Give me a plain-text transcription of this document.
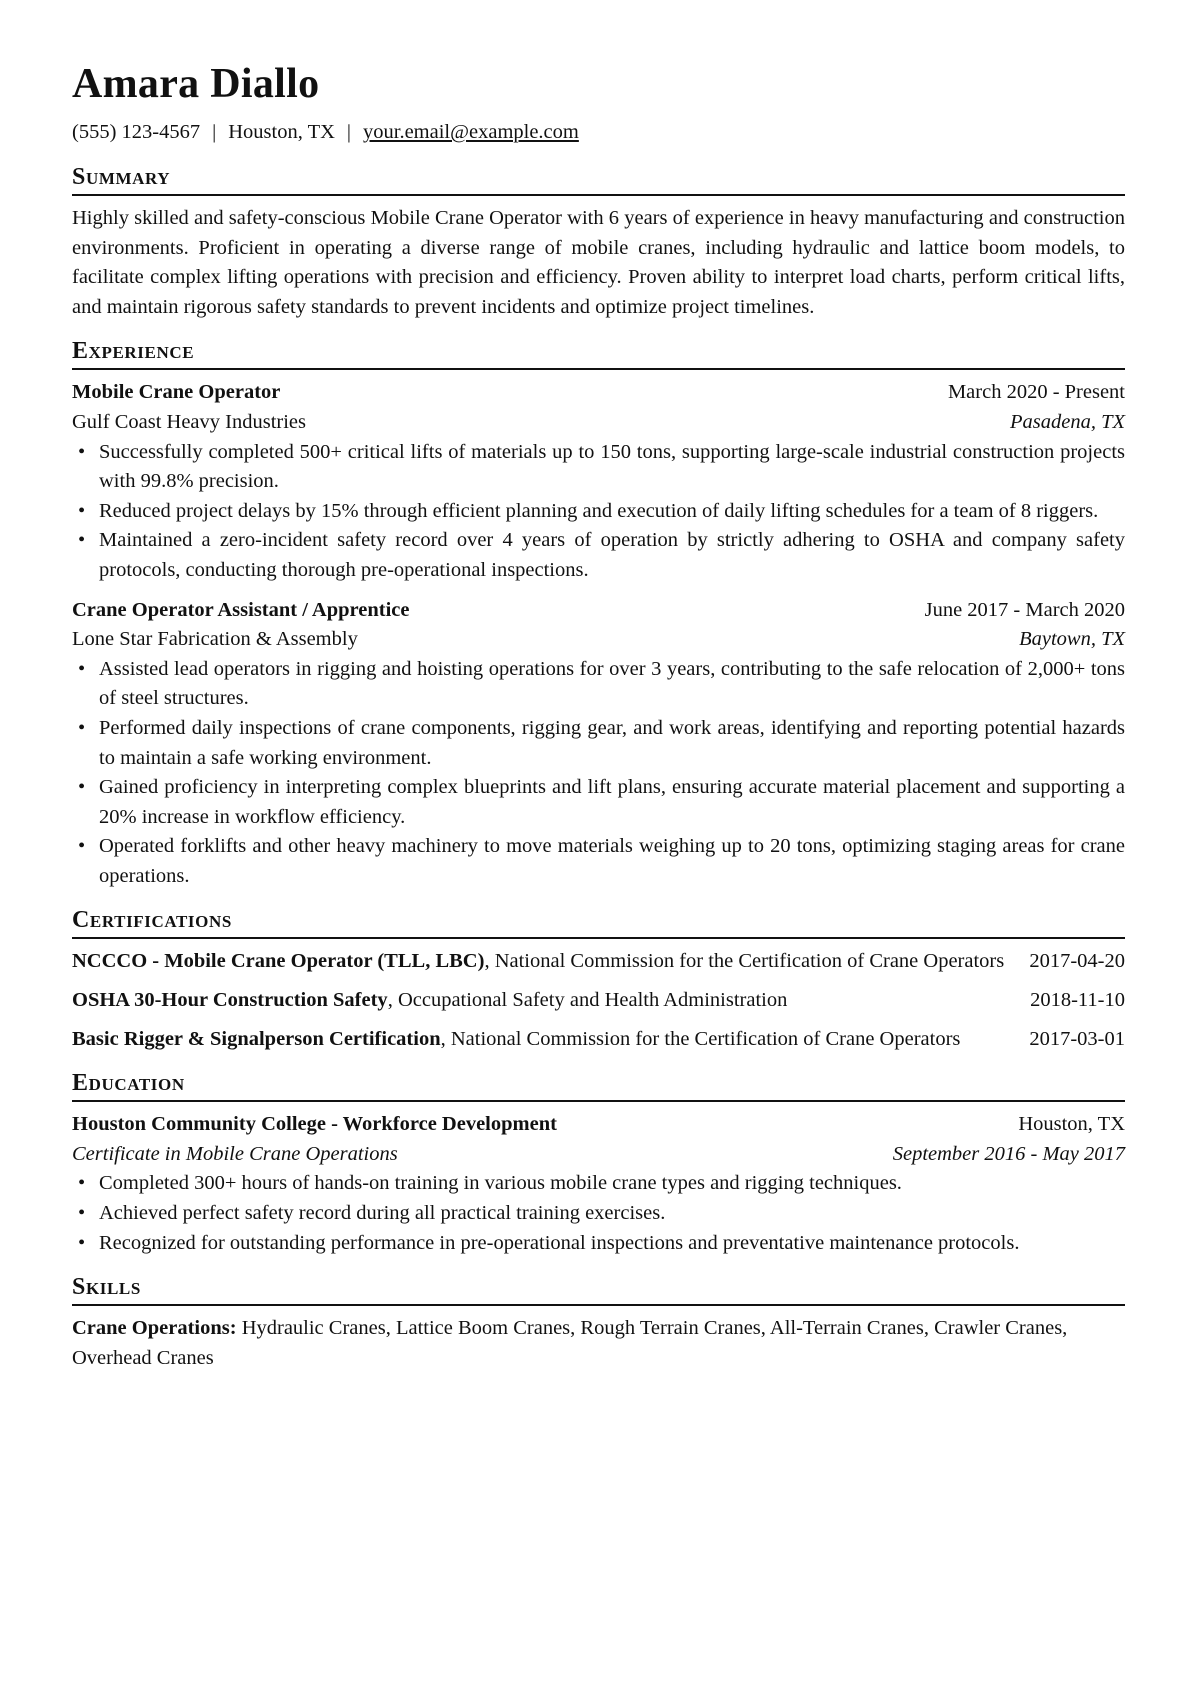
Amara Diallo
(555) 123-4567 | Houston, TX | your.email@example.com
Summary

Highly skilled and safety-conscious Mobile Crane Operator with 6 years of experience in heavy manufacturing and construction environments. Proficient in operating a diverse range of mobile cranes, including hydraulic and lattice boom models, to facilitate complex lifting operations with precision and efficiency. Proven ability to interpret load charts, perform critical lifts, and maintain rigorous safety standards to prevent incidents and optimize project timelines.

Experience
Mobile Crane Operator	March 2020 - Present
Gulf Coast Heavy Industries	Pasadena, TX
• Successfully completed 500+ critical lifts of materials up to 150 tons, supporting large-scale industrial construction projects with 99.8% precision.
• Reduced project delays by 15% through efficient planning and execution of daily lifting schedules for a team of 8 riggers.
• Maintained a zero-incident safety record over 4 years of operation by strictly adhering to OSHA and company safety protocols, conducting thorough pre-operational inspections.
Crane Operator Assistant / Apprentice	June 2017 - March 2020
Lone Star Fabrication & Assembly	Baytown, TX
• Assisted lead operators in rigging and hoisting operations for over 3 years, contributing to the safe relocation of 2,000+ tons of steel structures.
• Performed daily inspections of crane components, rigging gear, and work areas, identifying and reporting potential hazards to maintain a safe working environment.
• Gained proficiency in interpreting complex blueprints and lift plans, ensuring accurate material placement and supporting a 20% increase in workflow efficiency.
• Operated forklifts and other heavy machinery to move materials weighing up to 20 tons, optimizing staging areas for crane operations.
Certifications
NCCCO - Mobile Crane Operator (TLL, LBC), National Commission for the Certification of Crane Operators 2017-04-20
OSHA 30-Hour Construction Safety, Occupational Safety and Health Administration	2018-11-10
Basic Rigger & Signalperson Certification, National Commission for the Certification of Crane Operators	2017-03-01
Education
Houston Community College - Workforce Development	Houston, TX
Certificate in Mobile Crane Operations	September 2016 - May 2017
• Completed 300+ hours of hands-on training in various mobile crane types and rigging techniques.
• Achieved perfect safety record during all practical training exercises.
• Recognized for outstanding performance in pre-operational inspections and preventative maintenance protocols.
Skills

Crane Operations: Hydraulic Cranes, Lattice Boom Cranes, Rough Terrain Cranes, All-Terrain Cranes, Crawler Cranes, Overhead Cranes
